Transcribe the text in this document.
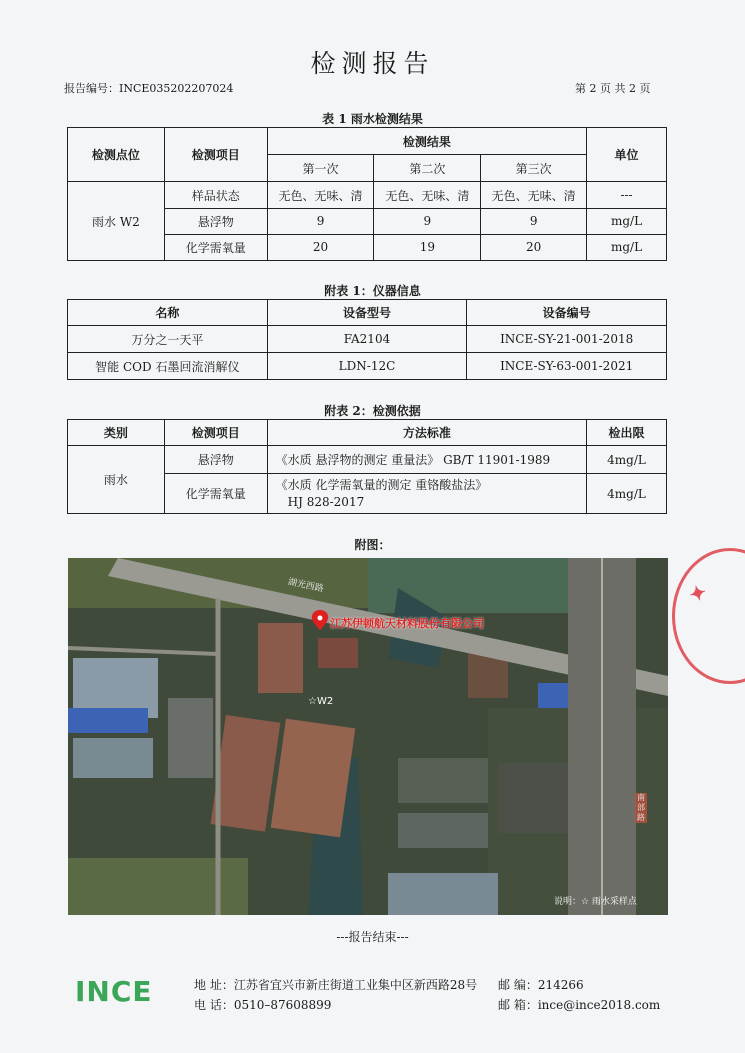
检测报告
报告编号：INCE035202207024	第 2 页 共 2 页
表 1 雨水检测结果
检测点位	检测项目	检测结果			单位
		第一次	第二次	第三次	
雨水 W2	样品状态	无色、无味、清	无色、无味、清	无色、无味、清	---
	悬浮物	9	9	9	mg/L
	化学需氧量	20	19	20	mg/L
附表 1：仪器信息
名称	设备型号	设备编号
万分之一天平	FA2104	INCE-SY-21-001-2018
智能 COD 石墨回流消解仪	LDN-12C	INCE-SY-63-001-2021
附表 2：检测依据
类别	检测项目	方法标准	检出限
雨水	悬浮物	《水质 悬浮物的测定 重量法》 GB/T 11901-1989	4mg/L
	化学需氧量	《水质 化学需氧量的测定 重铬酸盐法》
HJ 828-2017	4mg/L
附图：
湖光西路
南部路
江苏伊顿航天材料股份有限公司
☆W2
说明：☆ 雨水采样点
✦
---报告结束---
INCE	地 址：江苏省宜兴市新庄街道工业集中区新西路28号 邮 编：214266
电 话：0510–87608899	邮 箱：ince@ince2018.com
